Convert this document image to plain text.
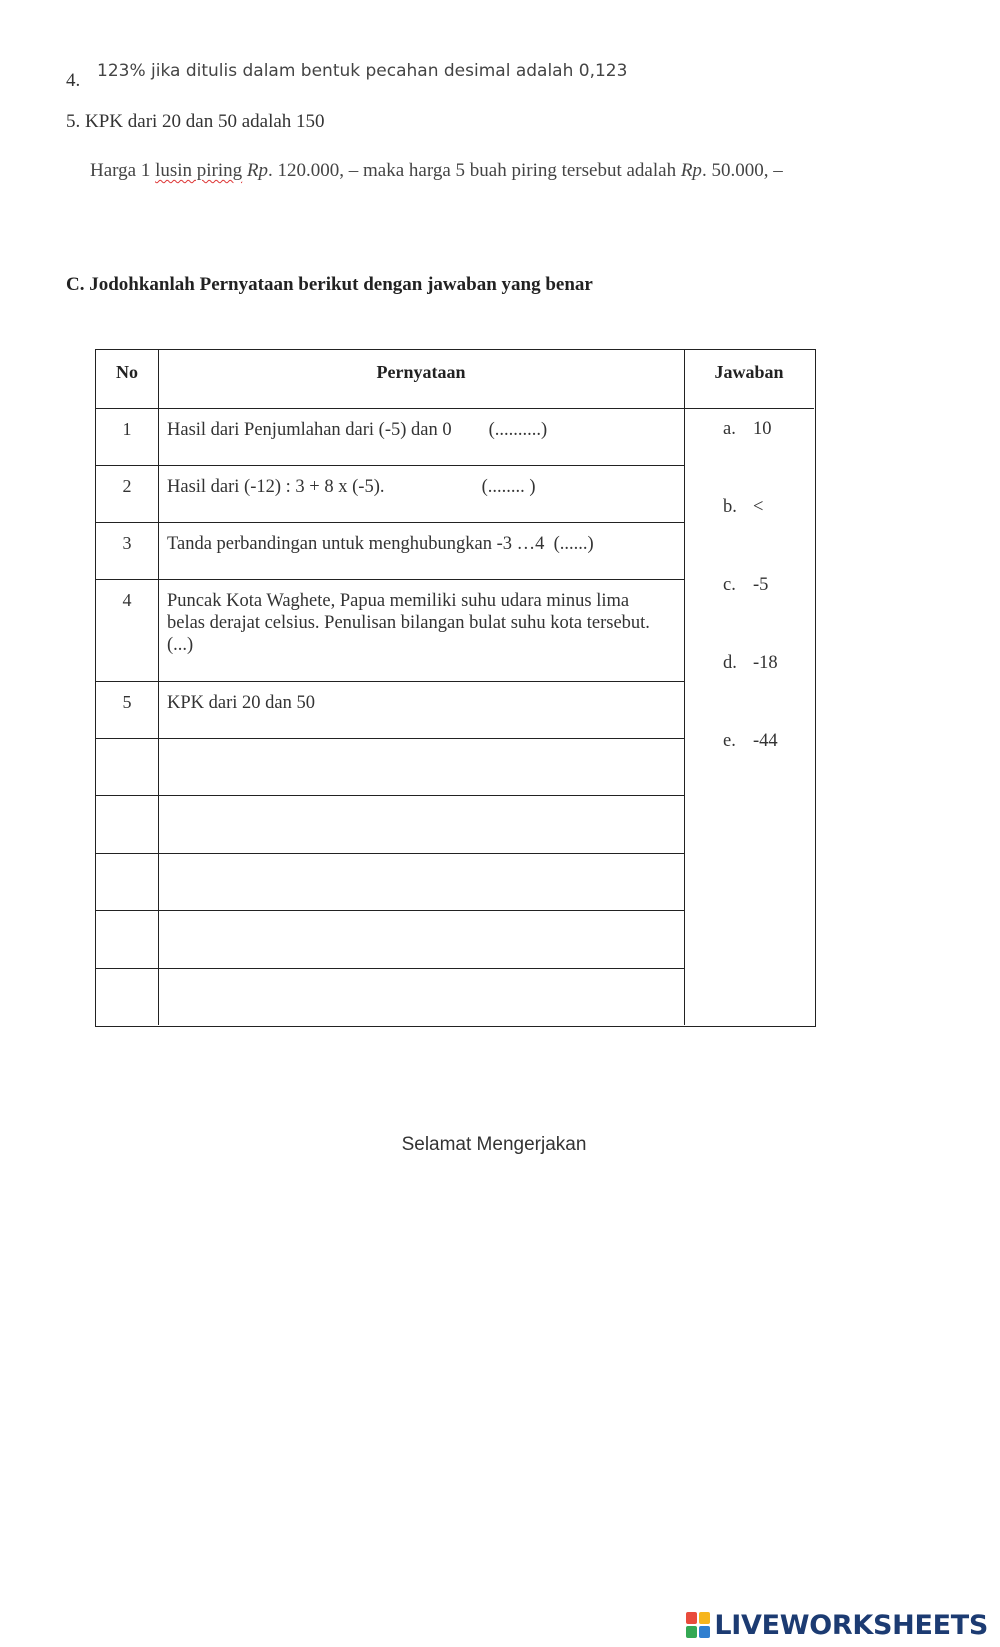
4. 123% jika ditulis dalam bentuk pecahan desimal adalah 0,123
5. KPK dari 20 dan 50 adalah 150
Harga 1 lusin piring Rp. 120.000, – maka harga 5 buah piring tersebut adalah Rp. 50.000, –
C. Jodohkanlah Pernyataan berikut dengan jawaban yang benar
No	Pernyataan	Jawaban
1	Hasil dari Penjumlahan dari (-5) dan 0        (..........)
2	Hasil dari (-12) : 3 + 8 x (-5).                     (........ )
3	Tanda perbandingan untuk menghubungkan -3 …4  (......)
4	Puncak Kota Waghete, Papua memiliki suhu udara minus lima belas derajat celsius. Penulisan bilangan bulat suhu kota tersebut.   (...)
5	KPK dari 20 dan 50
a. 10
b. <
c. -5
d. -18
e. -44
Selamat Mengerjakan
LIVEWORKSHEETS
